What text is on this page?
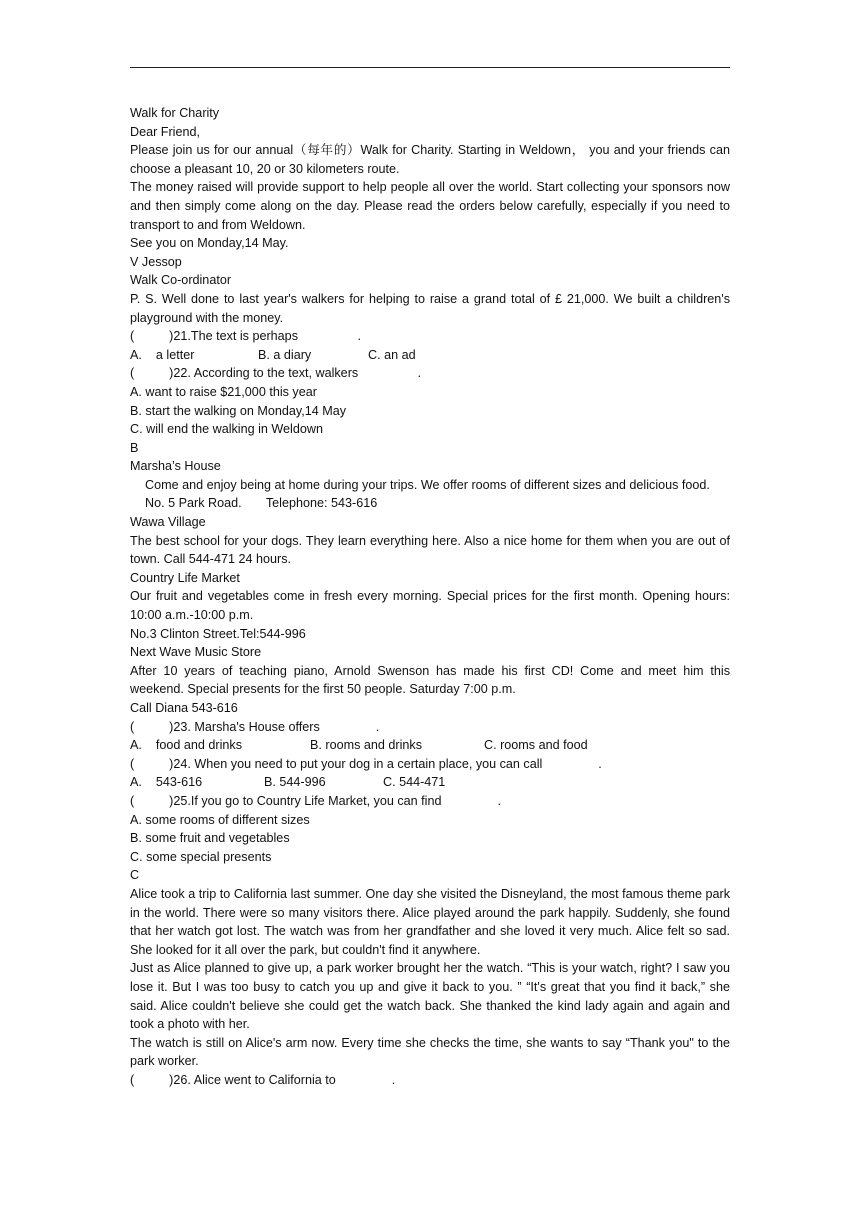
Walk for Charity
Dear Friend,
Please join us for our annual（每年的）Walk for Charity. Starting in Weldown， you and your friends can choose a pleasant 10, 20 or 30 kilometers route.
The money raised will provide support to help people all over the world. Start collecting your sponsors now and then simply come along on the day. Please read the orders below carefully, especially if you need to transport to and from Weldown.
See you on Monday,14 May.
V Jessop
Walk Co-ordinator
P. S. Well done to last year's walkers for helping to raise a grand total of £ 21,000. We built a children's playground with the money.
(          )21.The text is perhaps                 .
A.    a letter	B. a diary	C. an ad
(          )22. According to the text, walkers                 .
A. want to raise $21,000 this year
B. start the walking on Monday,14 May
C. will end the walking in Weldown
B
Marsha’s House
Come and enjoy being at home during your trips. We offer rooms of different sizes and delicious food.
No. 5 Park Road.       Telephone: 543-616
Wawa Village
The best school for your dogs. They learn everything here. Also a nice home for them when you are out of town. Call 544-471 24 hours.
Country Life Market
Our fruit and vegetables come in fresh every morning. Special prices for the first month. Opening hours: 10:00 a.m.-10:00 p.m.
No.3 Clinton Street.Tel:544-996
Next Wave Music Store
After 10 years of teaching piano, Arnold Swenson has made his first CD! Come and meet him this weekend. Special presents for the first 50 people. Saturday 7:00 p.m.
Call Diana 543-616
(          )23. Marsha's House offers                .
A.    food and drinks	B. rooms and drinks	C. rooms and food
(          )24. When you need to put your dog in a certain place, you can call                .
A.    543-616	B. 544-996	C. 544-471
(          )25.If you go to Country Life Market, you can find                .
A. some rooms of different sizes
B. some fruit and vegetables
C. some special presents
C
Alice took a trip to California last summer. One day she visited the Disneyland, the most famous theme park in the world. There were so many visitors there. Alice played around the park happily. Suddenly, she found that her watch got lost. The watch was from her grandfather and she loved it very much. Alice felt so sad. She looked for it all over the park, but couldn't find it anywhere.
Just as Alice planned to give up, a park worker brought her the watch. “This is your watch, right? I saw you lose it. But I was too busy to catch you up and give it back to you. ” “It's great that you find it back,” she said. Alice couldn't believe she could get the watch back. She thanked the kind lady again and again and took a photo with her.
The watch is still on Alice's arm now. Every time she checks the time, she wants to say “Thank you" to the park worker.
(          )26. Alice went to California to                .
